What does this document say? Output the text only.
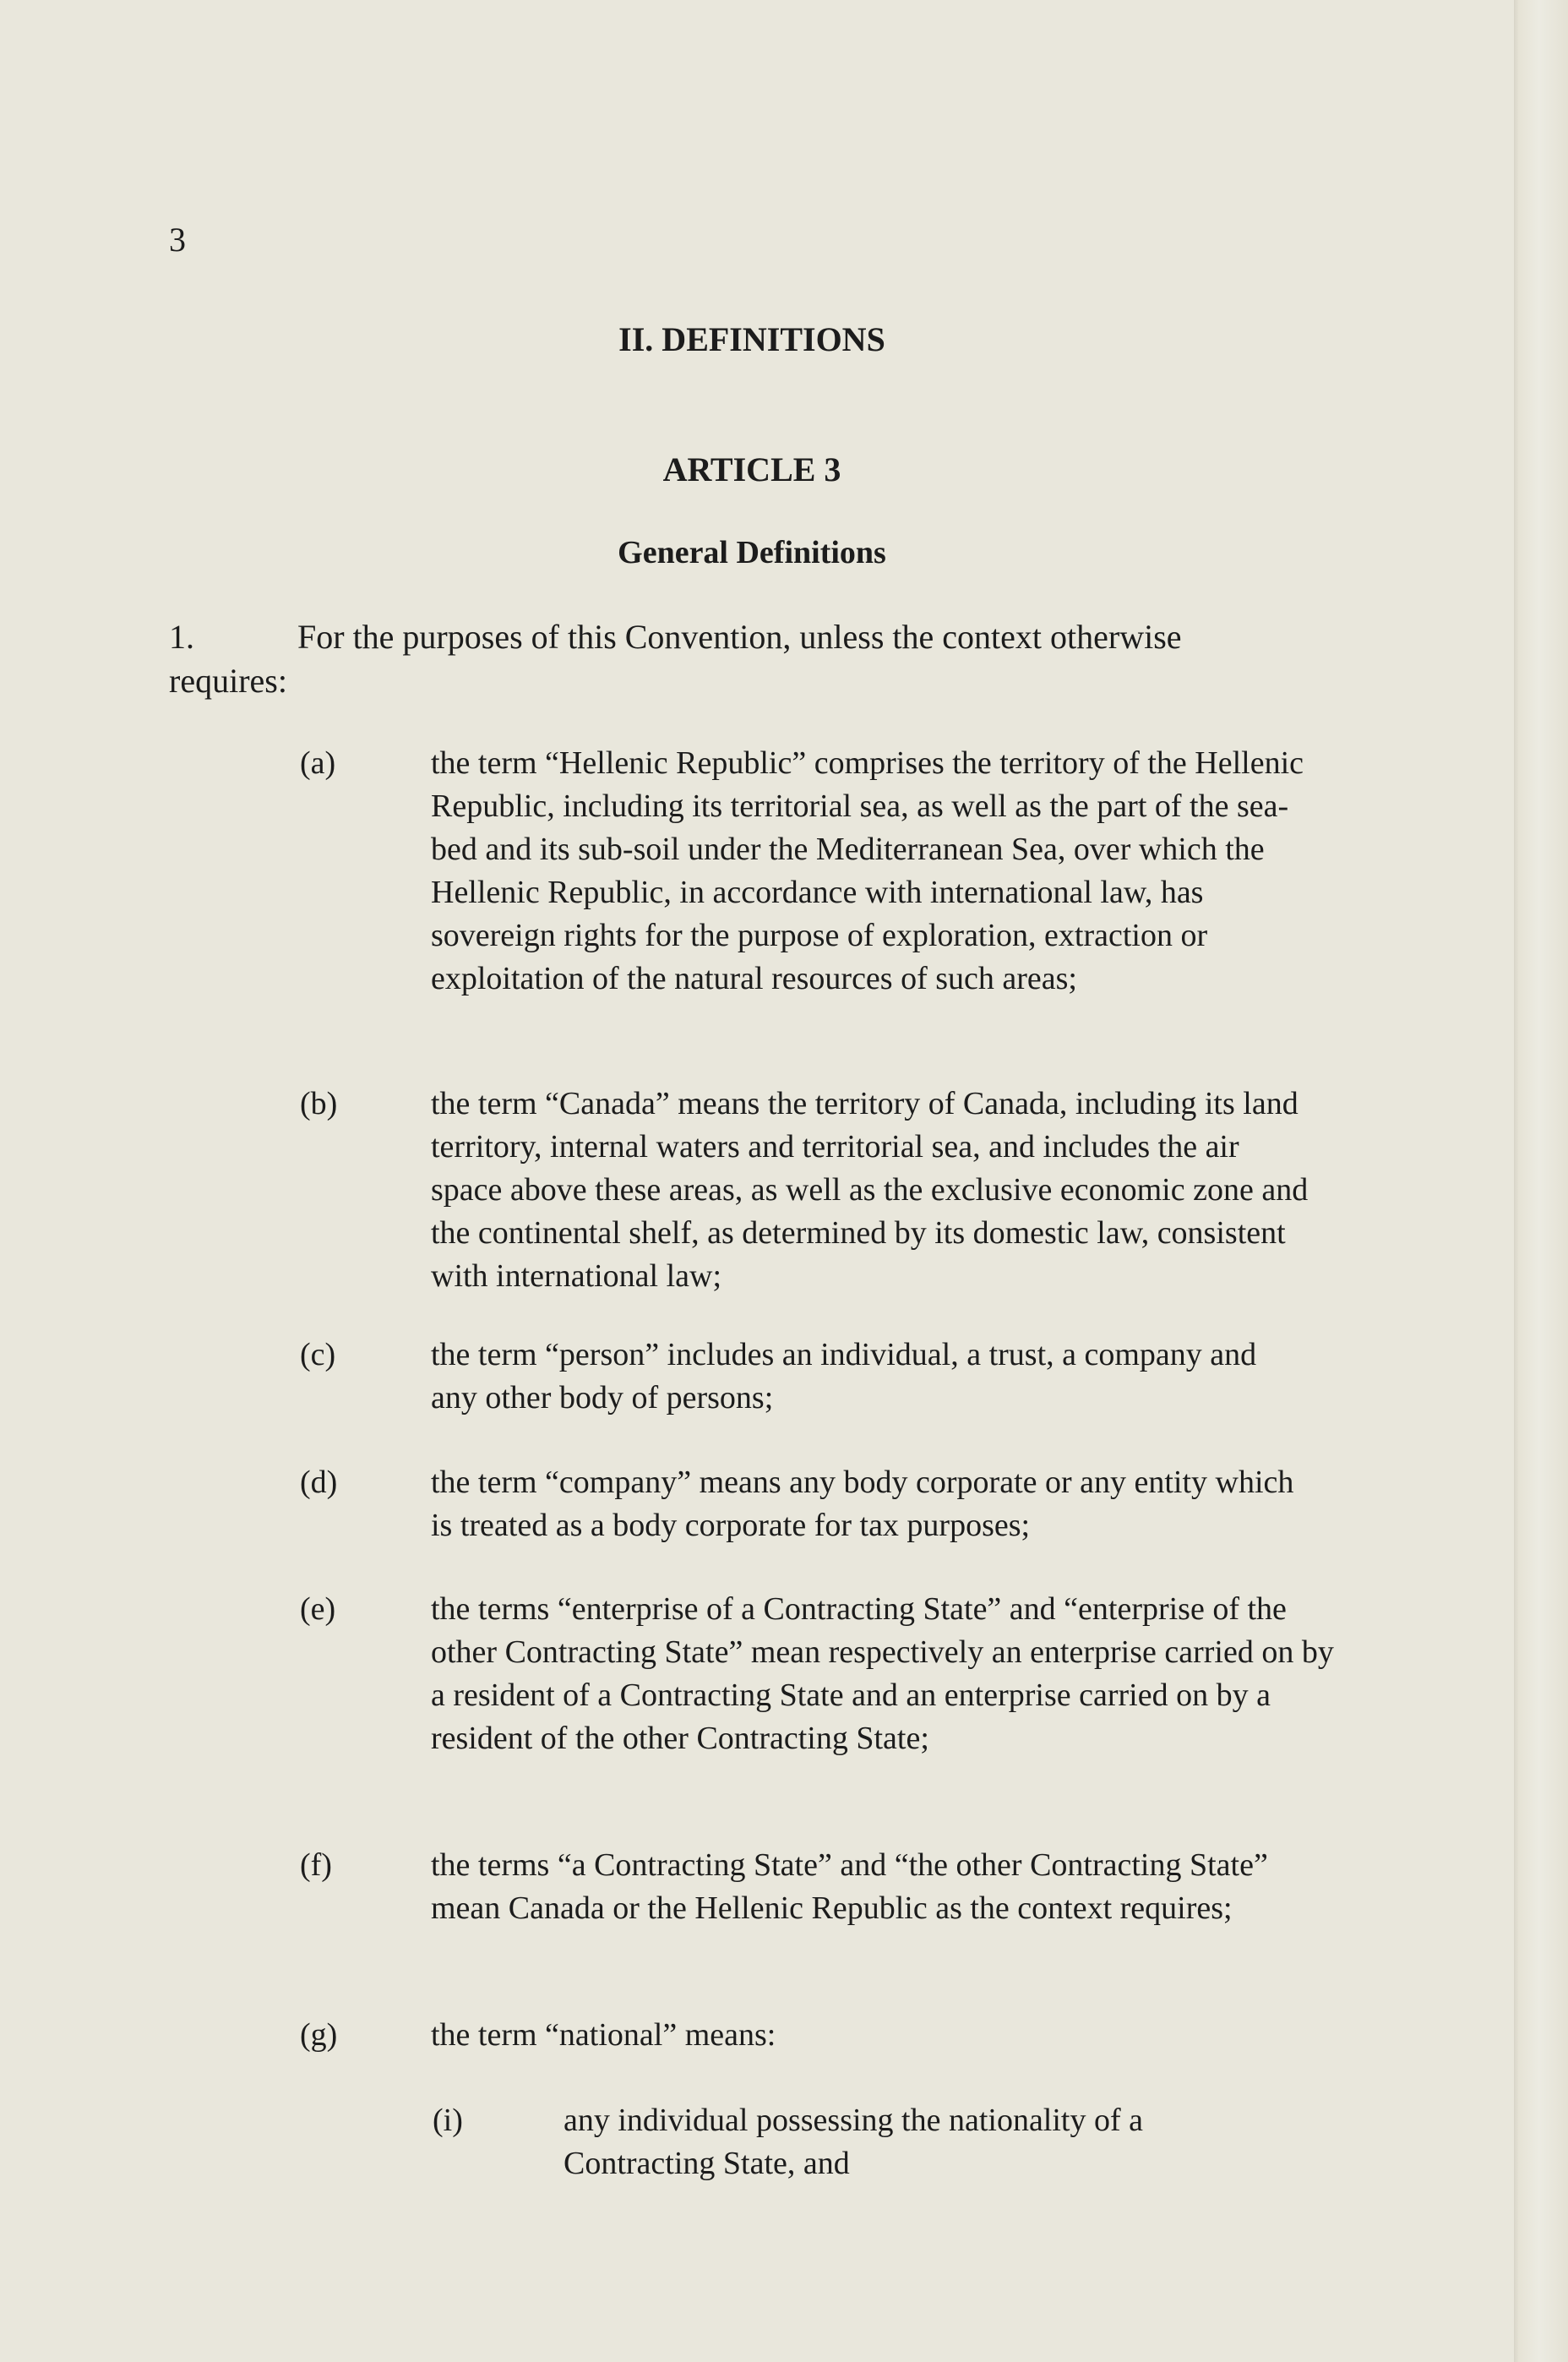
3
II. DEFINITIONS
ARTICLE 3
General Definitions
1.	For the purposes of this Convention, unless the context otherwise
requires:
(a)	the term “Hellenic Republic” comprises the territory of the Hellenic Republic, including its territorial sea, as well as the part of the sea-bed and its sub-soil under the Mediterranean Sea, over which the Hellenic Republic, in accordance with international law, has sovereign rights for the purpose of exploration, extraction or exploitation of the natural resources of such areas;
(b)	the term “Canada” means the territory of Canada, including its land territory, internal waters and territorial sea, and includes the air space above these areas, as well as the exclusive economic zone and the continental shelf, as determined by its domestic law, consistent with international law;
(c)	the term “person” includes an individual, a trust, a company and any other body of persons;
(d)	the term “company” means any body corporate or any entity which is treated as a body corporate for tax purposes;
(e)	the terms “enterprise of a Contracting State” and “enterprise of the other Contracting State” mean respectively an enterprise carried on by a resident of a Contracting State and an enterprise carried on by a resident of the other Contracting State;
(f)	the terms “a Contracting State” and “the other Contracting State” mean Canada or the Hellenic Republic as the context requires;
(g)	the term “national” means:
(i)	any individual possessing the nationality of a Contracting State, and
